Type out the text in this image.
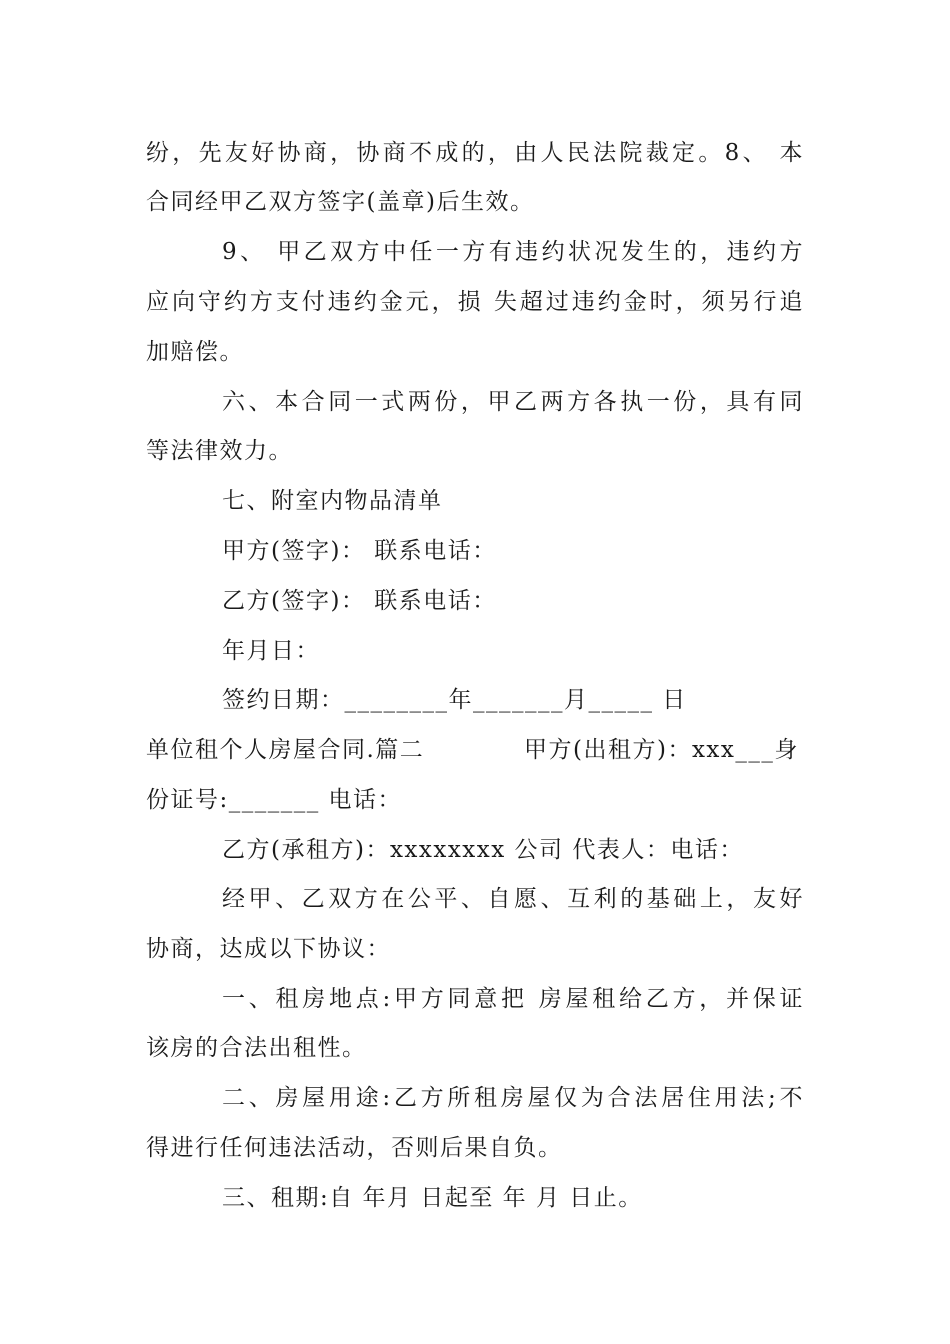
纷，先友好协商，协商不成的，由人民法院裁定。8、 本
合同经甲乙双方签字(盖章)后生效。
9、 甲乙双方中任一方有违约状况发生的，违约方
应向守约方支付违约金元，损 失超过违约金时，须另行追
加赔偿。
六、本合同一式两份，甲乙两方各执一份，具有同
等法律效力。
七、附室内物品清单
甲方(签字)： 联系电话：
乙方(签字)： 联系电话：
年月日：
签约日期：________年_______月_____ 日
单位租个人房屋合同.篇二	甲方(出租方)：xxx___身
份证号:_______ 电话：
乙方(承租方)：xxxxxxxx 公司 代表人：电话：
经甲、乙双方在公平、自愿、互利的基础上，友好
协商，达成以下协议：
一、租房地点:甲方同意把 房屋租给乙方，并保证
该房的合法出租性。
二、房屋用途:乙方所租房屋仅为合法居住用法;不
得进行任何违法活动，否则后果自负。
三、租期:自 年月 日起至 年 月 日止。
